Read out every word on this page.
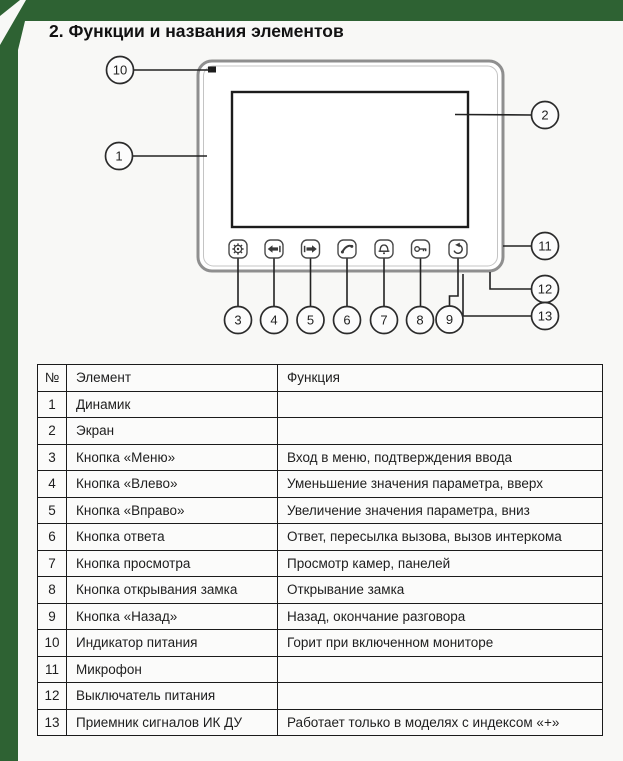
2. Функции и названия элементов
10
1
2
11
12
13
3 4 5 6 7 8 9
№	Элемент	Функция
1	Динамик	
2	Экран	
3	Кнопка «Меню»	Вход в меню, подтверждения ввода
4	Кнопка «Влево»	Уменьшение значения параметра, вверх
5	Кнопка «Вправо»	Увеличение значения параметра, вниз
6	Кнопка ответа	Ответ, пересылка вызова, вызов интеркома
7	Кнопка просмотра	Просмотр камер, панелей
8	Кнопка открывания замка	Открывание замка
9	Кнопка «Назад»	Назад, окончание разговора
10	Индикатор питания	Горит при включенном мониторе
11	Микрофон	
12	Выключатель питания	
13	Приемник сигналов ИК ДУ	Работает только в моделях с индексом «+»
